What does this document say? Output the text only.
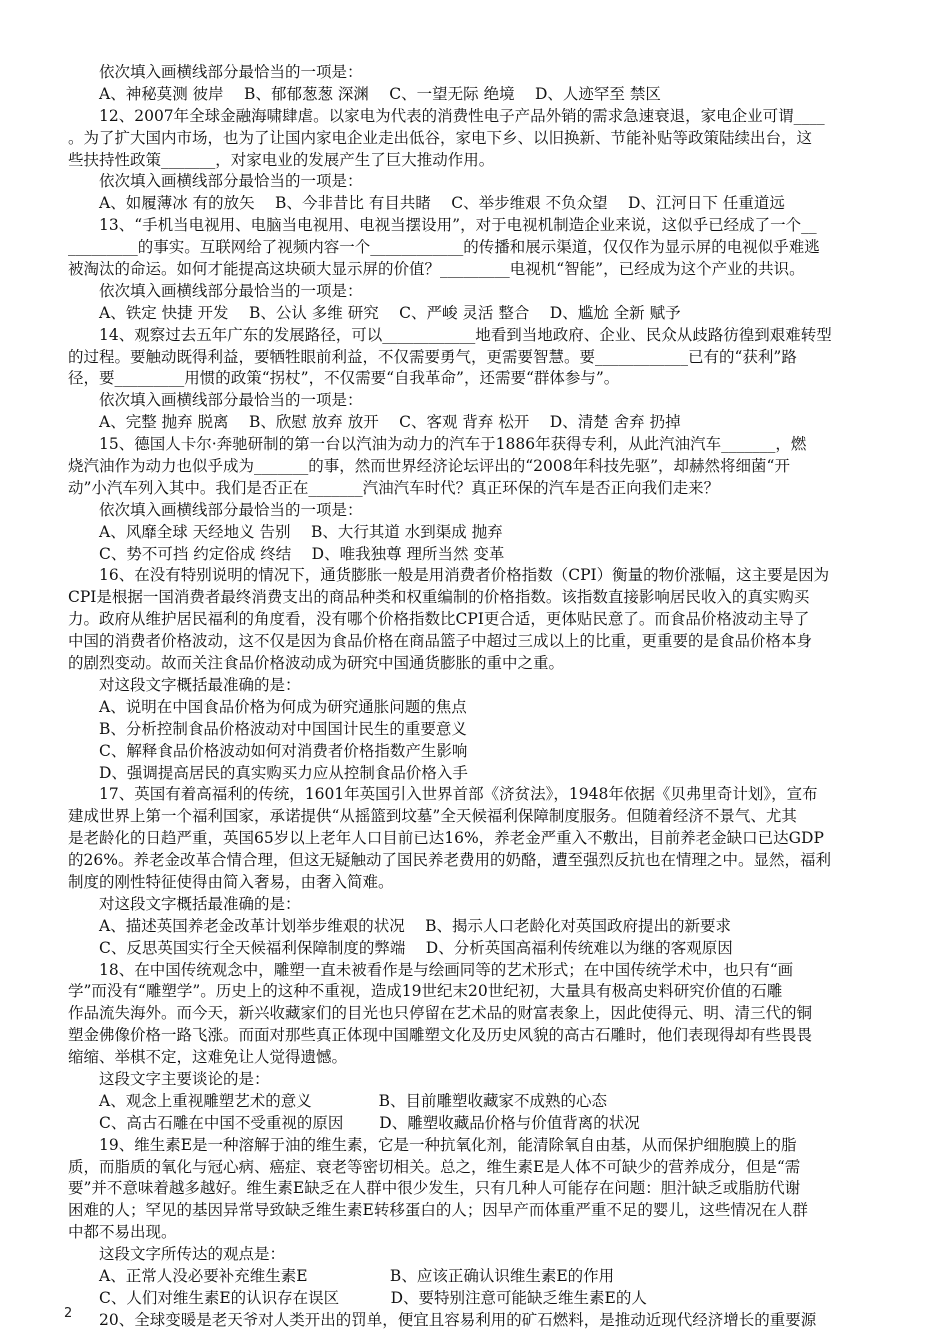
依次填入画横线部分最恰当的一项是：
A、神秘莫测 彼岸　 B、郁郁葱葱 深渊　 C、一望无际 绝境　 D、人迹罕至 禁区
12、2007年全球金融海啸肆虐。以家电为代表的消费性电子产品外销的需求急速衰退，家电企业可谓____
。为了扩大国内市场，也为了让国内家电企业走出低谷，家电下乡、以旧换新、节能补贴等政策陆续出台，这
些扶持性政策_______，对家电业的发展产生了巨大推动作用。
依次填入画横线部分最恰当的一项是：
A、如履薄冰 有的放矢　 B、今非昔比 有目共睹　 C、举步维艰 不负众望　 D、江河日下 任重道远
13、“手机当电视用、电脑当电视用、电视当摆设用”，对于电视机制造企业来说，这似乎已经成了一个__
_________的事实。互联网给了视频内容一个____________的传播和展示渠道，仅仅作为显示屏的电视似乎难逃
被淘汰的命运。如何才能提高这块硕大显示屏的价值？_________电视机“智能”，已经成为这个产业的共识。
依次填入画横线部分最恰当的一项是：
A、铁定 快捷 开发　 B、公认 多维 研究　 C、严峻 灵活 整合　 D、尴尬 全新 赋予
14、观察过去五年广东的发展路径，可以____________地看到当地政府、企业、民众从歧路彷徨到艰难转型
的过程。要触动既得利益，要牺牲眼前利益，不仅需要勇气，更需要智慧。要____________已有的“获利”路
径，要_________用惯的政策“拐杖”，不仅需要“自我革命”，还需要“群体参与”。
依次填入画横线部分最恰当的一项是：
A、完整 抛弃 脱离　 B、欣慰 放弃 放开　 C、客观 背弃 松开　 D、清楚 舍弃 扔掉
15、德国人卡尔·奔驰研制的第一台以汽油为动力的汽车于1886年获得专利，从此汽油汽车_______，燃
烧汽油作为动力也似乎成为_______的事，然而世界经济论坛评出的“2008年科技先驱”，却赫然将细菌“开
动”小汽车列入其中。我们是否正在_______汽油汽车时代？真正环保的汽车是否正向我们走来？
依次填入画横线部分最恰当的一项是：
A、风靡全球 天经地义 告别　 B、大行其道 水到渠成 抛弃
C、势不可挡 约定俗成 终结　 D、唯我独尊 理所当然 变革
16、在没有特别说明的情况下，通货膨胀一般是用消费者价格指数（CPI）衡量的物价涨幅，这主要是因为
CPI是根据一国消费者最终消费支出的商品种类和权重编制的价格指数。该指数直接影响居民收入的真实购买
力。政府从维护居民福利的角度看，没有哪个价格指数比CPI更合适，更体贴民意了。而食品价格波动主导了
中国的消费者价格波动，这不仅是因为食品价格在商品篮子中超过三成以上的比重，更重要的是食品价格本身
的剧烈变动。故而关注食品价格波动成为研究中国通货膨胀的重中之重。
对这段文字概括最准确的是：
A、说明在中国食品价格为何成为研究通胀问题的焦点
B、分析控制食品价格波动对中国国计民生的重要意义
C、解释食品价格波动如何对消费者价格指数产生影响
D、强调提高居民的真实购买力应从控制食品价格入手
17、英国有着高福利的传统，1601年英国引入世界首部《济贫法》，1948年依据《贝弗里奇计划》，宣布
建成世界上第一个福利国家，承诺提供“从摇篮到坟墓”全天候福利保障制度服务。但随着经济不景气、尤其
是老龄化的日趋严重，英国65岁以上老年人口目前已达16%，养老金严重入不敷出，目前养老金缺口已达GDP
的26%。养老金改革合情合理，但这无疑触动了国民养老费用的奶酪，遭至强烈反抗也在情理之中。显然，福利
制度的刚性特征使得由简入奢易，由奢入简难。
对这段文字概括最准确的是：
A、描述英国养老金改革计划举步维艰的状况　 B、揭示人口老龄化对英国政府提出的新要求
C、反思英国实行全天候福利保障制度的弊端　 D、分析英国高福利传统难以为继的客观原因
18、在中国传统观念中，雕塑一直未被看作是与绘画同等的艺术形式；在中国传统学术中，也只有“画
学”而没有“雕塑学”。历史上的这种不重视，造成19世纪末20世纪初，大量具有极高史料研究价值的石雕
作品流失海外。而今天，新兴收藏家们的目光也只停留在艺术品的财富表象上，因此使得元、明、清三代的铜
塑金佛像价格一路飞涨。而面对那些真正体现中国雕塑文化及历史风貌的高古石雕时，他们表现得却有些畏畏
缩缩、举棋不定，这难免让人觉得遗憾。
这段文字主要谈论的是：
A、观念上重视雕塑艺术的意义　　　　 B、目前雕塑收藏家不成熟的心态
C、高古石雕在中国不受重视的原因　　 D、雕塑收藏品价格与价值背离的状况
19、维生素E是一种溶解于油的维生素，它是一种抗氧化剂，能清除氧自由基，从而保护细胞膜上的脂
质，而脂质的氧化与冠心病、癌症、衰老等密切相关。总之，维生素E是人体不可缺少的营养成分，但是“需
要”并不意味着越多越好。维生素E缺乏在人群中很少发生，只有几种人可能存在问题：胆汁缺乏或脂肪代谢
困难的人；罕见的基因异常导致缺乏维生素E转移蛋白的人；因早产而体重严重不足的婴儿，这些情况在人群
中都不易出现。
这段文字所传达的观点是：
A、正常人没必要补充维生素E　　　　　 B、应该正确认识维生素E的作用
C、人们对维生素E的认识存在误区　　　 D、要特别注意可能缺乏维生素E的人
20、全球变暖是老天爷对人类开出的罚单，便宜且容易利用的矿石燃料，是推动近现代经济增长的重要源
2
